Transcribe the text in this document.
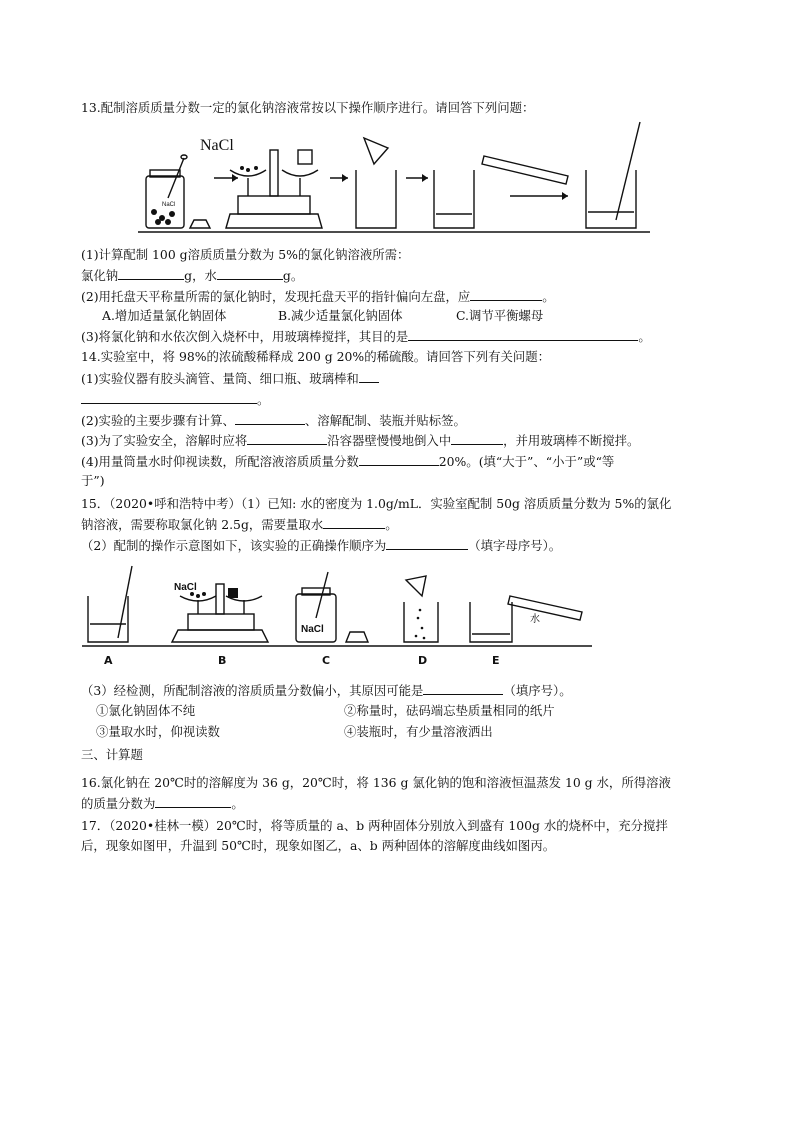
13.配制溶质质量分数一定的氯化钠溶液常按以下操作顺序进行。请回答下列问题：
NaCl
NaCl
(1)计算配制 100 g溶质质量分数为 5%的氯化钠溶液所需：
氯化钠	g，水	g。
(2)用托盘天平称量所需的氯化钠时，发现托盘天平的指针偏向左盘，应	。
A.增加适量氯化钠固体	B.减少适量氯化钠固体	C.调节平衡螺母
(3)将氯化钠和水依次倒入烧杯中，用玻璃棒搅拌，其目的是	。
14.实验室中，将 98%的浓硫酸稀释成 200 g 20%的稀硫酸。请回答下列有关问题：
(1)实验仪器有胶头滴管、量筒、细口瓶、玻璃棒和
。
(2)实验的主要步骤有计算、	、溶解配制、装瓶并贴标签。
(3)为了实验安全，溶解时应将	沿容器壁慢慢地倒入中	，并用玻璃棒不断搅拌。
(4)用量筒量水时仰视读数，所配溶液溶质质量分数	20%。(填“大于”、“小于”或“等
于”)
15．（2020•呼和浩特中考）（1）已知: 水的密度为 1.0g/mL．实验室配制 50g 溶质质量分数为 5%的氯化
钠溶液，需要称取氯化钠 2.5g，需要量取水	。
（2）配制的操作示意图如下，该实验的正确操作顺序为	（填字母序号）。
NaCl
NaCl
水
A	B	C	D	E
（3）经检测，所配制溶液的溶质质量分数偏小，其原因可能是	（填序号）。
①氯化钠固体不纯	②称量时，砝码端忘垫质量相同的纸片
③量取水时，仰视读数	④装瓶时，有少量溶液洒出
三、计算题
16.氯化钠在 20℃时的溶解度为 36 g，20℃时，将 136 g 氯化钠的饱和溶液恒温蒸发 10 g 水，所得溶液
的质量分数为	。
17．（2020•桂林一模）20℃时，将等质量的 a、b 两种固体分别放入到盛有 100g 水的烧杯中，充分搅拌
后，现象如图甲，升温到 50℃时，现象如图乙，a、b 两种固体的溶解度曲线如图丙。
